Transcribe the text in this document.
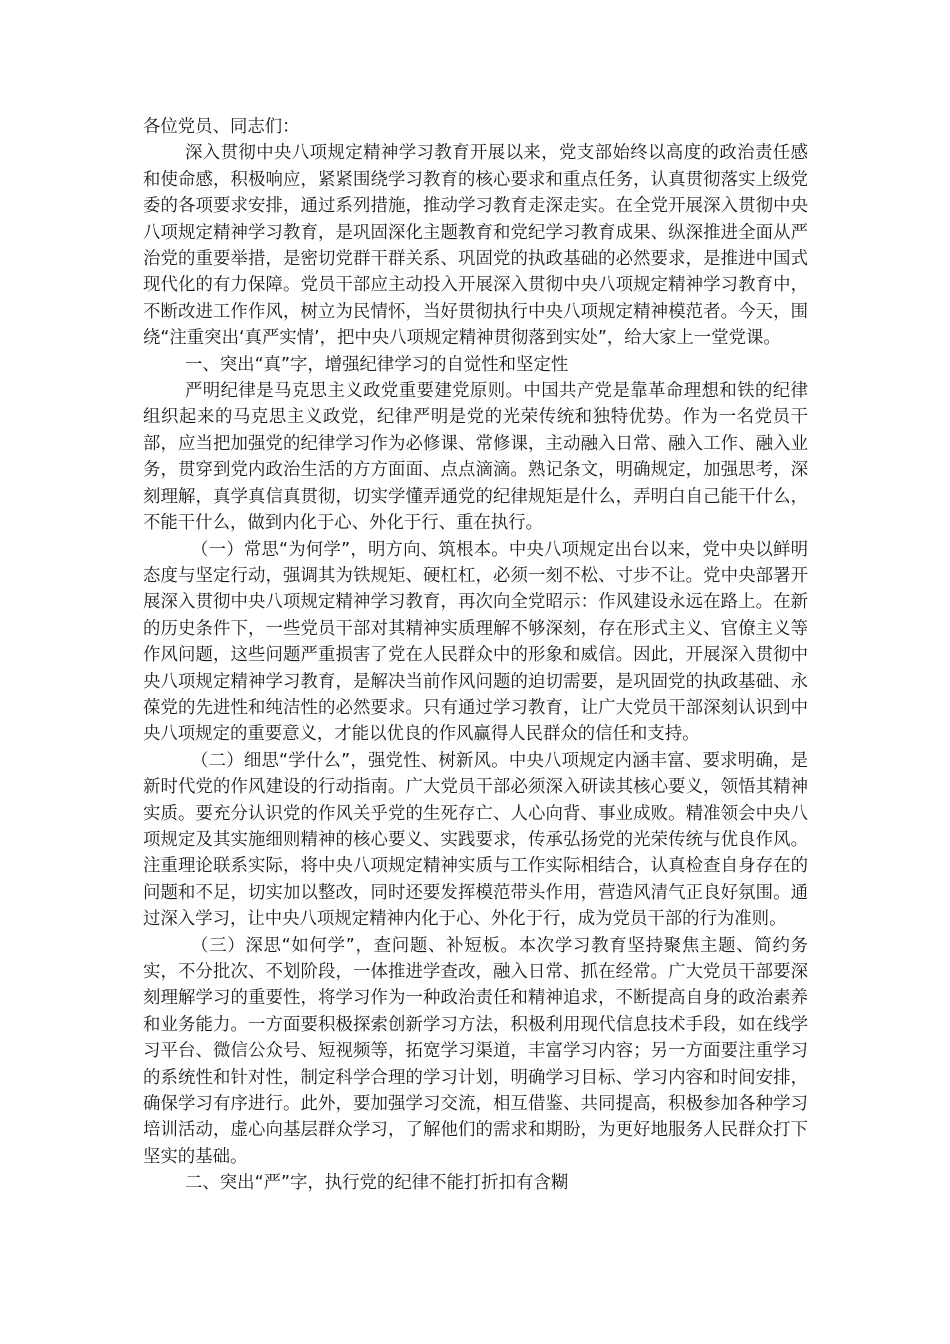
各位党员、同志们：

深入贯彻中央八项规定精神学习教育开展以来，党支部始终以高度的政治责任感和使命感，积极响应，紧紧围绕学习教育的核心要求和重点任务，认真贯彻落实上级党委的各项要求安排，通过系列措施，推动学习教育走深走实。在全党开展深入贯彻中央八项规定精神学习教育，是巩固深化主题教育和党纪学习教育成果、纵深推进全面从严治党的重要举措，是密切党群干群关系、巩固党的执政基础的必然要求，是推进中国式现代化的有力保障。党员干部应主动投入开展深入贯彻中央八项规定精神学习教育中，不断改进工作作风，树立为民情怀，当好贯彻执行中央八项规定精神模范者。今天，围绕“注重突出‘真严实情’，把中央八项规定精神贯彻落到实处”，给大家上一堂党课。

一、突出“真”字，增强纪律学习的自觉性和坚定性

严明纪律是马克思主义政党重要建党原则。中国共产党是靠革命理想和铁的纪律组织起来的马克思主义政党，纪律严明是党的光荣传统和独特优势。作为一名党员干部，应当把加强党的纪律学习作为必修课、常修课，主动融入日常、融入工作、融入业务，贯穿到党内政治生活的方方面面、点点滴滴。熟记条文，明确规定，加强思考，深刻理解，真学真信真贯彻，切实学懂弄通党的纪律规矩是什么，弄明白自己能干什么，不能干什么，做到内化于心、外化于行、重在执行。

（一）常思“为何学”，明方向、筑根本。中央八项规定出台以来，党中央以鲜明态度与坚定行动，强调其为铁规矩、硬杠杠，必须一刻不松、寸步不让。党中央部署开展深入贯彻中央八项规定精神学习教育，再次向全党昭示：作风建设永远在路上。在新的历史条件下，一些党员干部对其精神实质理解不够深刻，存在形式主义、官僚主义等作风问题，这些问题严重损害了党在人民群众中的形象和威信。因此，开展深入贯彻中央八项规定精神学习教育，是解决当前作风问题的迫切需要，是巩固党的执政基础、永葆党的先进性和纯洁性的必然要求。只有通过学习教育，让广大党员干部深刻认识到中央八项规定的重要意义，才能以优良的作风赢得人民群众的信任和支持。

（二）细思“学什么”，强党性、树新风。中央八项规定内涵丰富、要求明确，是新时代党的作风建设的行动指南。广大党员干部必须深入研读其核心要义，领悟其精神实质。要充分认识党的作风关乎党的生死存亡、人心向背、事业成败。精准领会中央八项规定及其实施细则精神的核心要义、实践要求，传承弘扬党的光荣传统与优良作风。注重理论联系实际，将中央八项规定精神实质与工作实际相结合，认真检查自身存在的问题和不足，切实加以整改，同时还要发挥模范带头作用，营造风清气正良好氛围。通过深入学习，让中央八项规定精神内化于心、外化于行，成为党员干部的行为准则。

（三）深思“如何学”，查问题、补短板。本次学习教育坚持聚焦主题、简约务实，不分批次、不划阶段，一体推进学查改，融入日常、抓在经常。广大党员干部要深刻理解学习的重要性，将学习作为一种政治责任和精神追求，不断提高自身的政治素养和业务能力。一方面要积极探索创新学习方法，积极利用现代信息技术手段，如在线学习平台、微信公众号、短视频等，拓宽学习渠道，丰富学习内容；另一方面要注重学习的系统性和针对性，制定科学合理的学习计划，明确学习目标、学习内容和时间安排，确保学习有序进行。此外，要加强学习交流，相互借鉴、共同提高，积极参加各种学习培训活动，虚心向基层群众学习，了解他们的需求和期盼，为更好地服务人民群众打下坚实的基础。

二、突出“严”字，执行党的纪律不能打折扣有含糊
